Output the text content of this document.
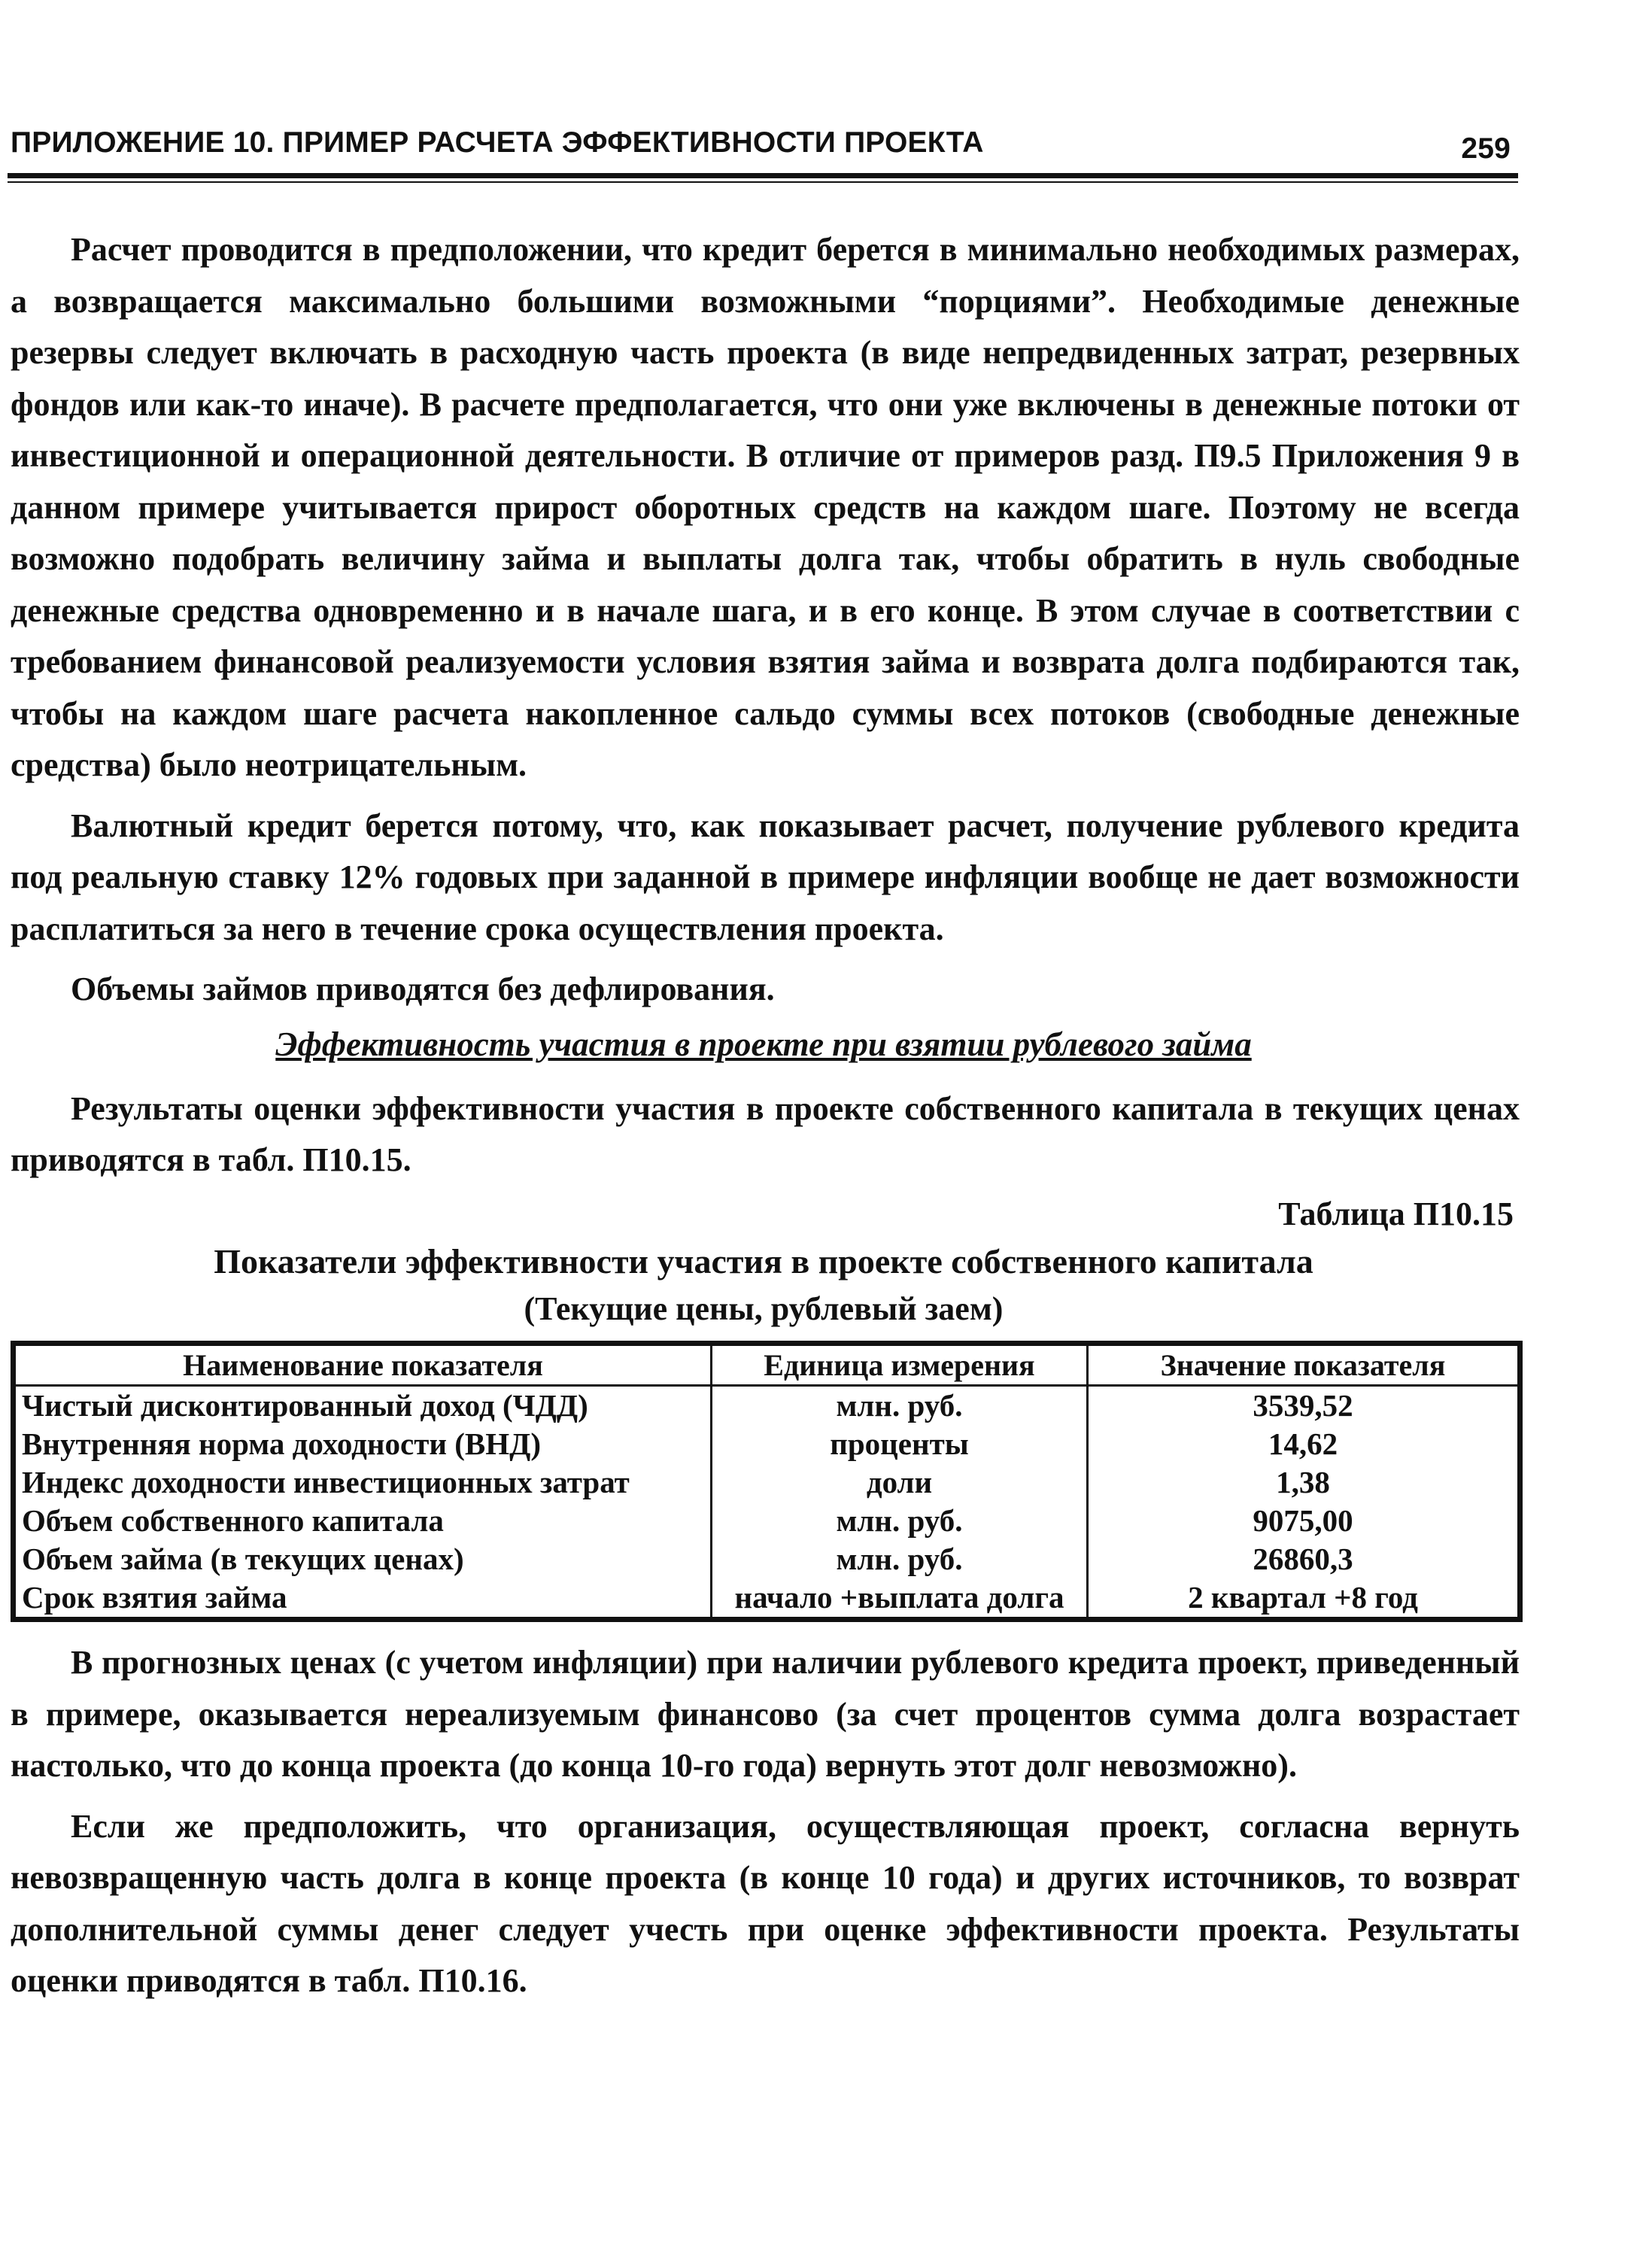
ПРИЛОЖЕНИЕ 10. ПРИМЕР РАСЧЕТА ЭФФЕКТИВНОСТИ ПРОЕКТА	259

Расчет проводится в предположении, что кредит берется в минимально необходимых размерах, а возвращается максимально большими возможными “порциями”. Необходимые денежные резервы следует включать в расходную часть проекта (в виде непредвиденных затрат, резервных фондов или как-то иначе). В расчете предполагается, что они уже включены в денежные потоки от инвестиционной и операционной деятельности. В отличие от примеров разд. П9.5 Приложения 9 в данном примере учитывается прирост оборотных средств на каждом шаге. Поэтому не всегда возможно подобрать величину займа и выплаты долга так, чтобы обратить в нуль свободные денежные средства одновременно и в начале шага, и в его конце. В этом случае в соответствии с требованием финансовой реализуемости условия взятия займа и возврата долга подбираются так, чтобы на каждом шаге расчета накопленное сальдо суммы всех потоков (свободные денежные средства) было неотрицательным.

Валютный кредит берется потому, что, как показывает расчет, получение рублевого кредита под реальную ставку 12% годовых при заданной в примере инфляции вообще не дает возможности расплатиться за него в течение срока осуществления проекта.

Объемы займов приводятся без дефлирования.

Эффективность участия в проекте при взятии рублевого займа

Результаты оценки эффективности участия в проекте собственного капитала в текущих ценах приводятся в табл. П10.15.

Таблица П10.15
Показатели эффективности участия в проекте собственного капитала
(Текущие цены, рублевый заем)
Наименование показателя	Единица измерения	Значение показателя
Чистый дисконтированный доход (ЧДД)	млн. руб.	3539,52
Внутренняя норма доходности (ВНД)	проценты	14,62
Индекс доходности инвестиционных затрат	доли	1,38
Объем собственного капитала	млн. руб.	9075,00
Объем займа (в текущих ценах)	млн. руб.	26860,3
Срок взятия займа	начало +выплата долга	2 квартал +8 год

В прогнозных ценах (с учетом инфляции) при наличии рублевого кредита проект, приведенный в примере, оказывается нереализуемым финансово (за счет процентов сумма долга возрастает настолько, что до конца проекта (до конца 10-го года) вернуть этот долг невозможно).

Если же предположить, что организация, осуществляющая проект, согласна вернуть невозвращенную часть долга в конце проекта (в конце 10 года) и других источников, то возврат дополнительной суммы денег следует учесть при оценке эффективности проекта. Результаты оценки приводятся в табл. П10.16.
